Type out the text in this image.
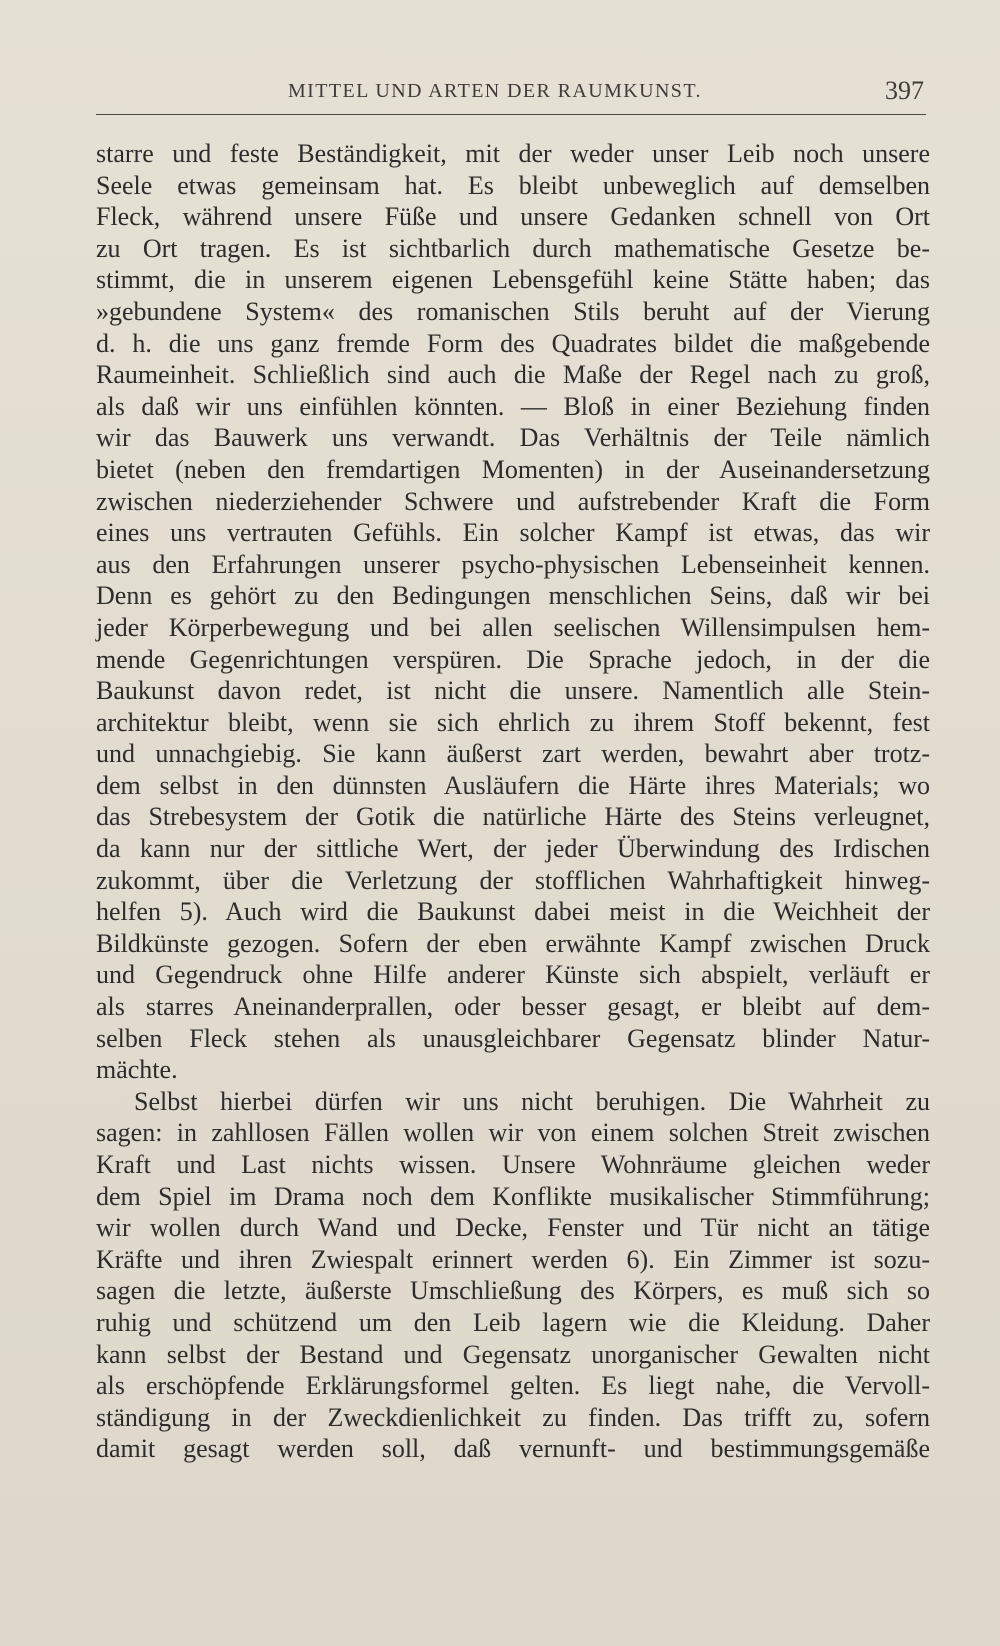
MITTEL UND ARTEN DER RAUMKUNST.	397
starre und feste Beständigkeit, mit der weder unser Leib noch unsere
Seele etwas gemeinsam hat. Es bleibt unbeweglich auf demselben
Fleck, während unsere Füße und unsere Gedanken schnell von Ort
zu Ort tragen. Es ist sichtbarlich durch mathematische Gesetze be-
stimmt, die in unserem eigenen Lebensgefühl keine Stätte haben; das
»gebundene System« des romanischen Stils beruht auf der Vierung
d. h. die uns ganz fremde Form des Quadrates bildet die maßgebende
Raumeinheit. Schließlich sind auch die Maße der Regel nach zu groß,
als daß wir uns einfühlen könnten. — Bloß in einer Beziehung finden
wir das Bauwerk uns verwandt. Das Verhältnis der Teile nämlich
bietet (neben den fremdartigen Momenten) in der Auseinandersetzung
zwischen niederziehender Schwere und aufstrebender Kraft die Form
eines uns vertrauten Gefühls. Ein solcher Kampf ist etwas, das wir
aus den Erfahrungen unserer psycho-physischen Lebenseinheit kennen.
Denn es gehört zu den Bedingungen menschlichen Seins, daß wir bei
jeder Körperbewegung und bei allen seelischen Willensimpulsen hem-
mende Gegenrichtungen verspüren. Die Sprache jedoch, in der die
Baukunst davon redet, ist nicht die unsere. Namentlich alle Stein-
architektur bleibt, wenn sie sich ehrlich zu ihrem Stoff bekennt, fest
und unnachgiebig. Sie kann äußerst zart werden, bewahrt aber trotz-
dem selbst in den dünnsten Ausläufern die Härte ihres Materials; wo
das Strebesystem der Gotik die natürliche Härte des Steins verleugnet,
da kann nur der sittliche Wert, der jeder Überwindung des Irdischen
zukommt, über die Verletzung der stofflichen Wahrhaftigkeit hinweg-
helfen 5). Auch wird die Baukunst dabei meist in die Weichheit der
Bildkünste gezogen. Sofern der eben erwähnte Kampf zwischen Druck
und Gegendruck ohne Hilfe anderer Künste sich abspielt, verläuft er
als starres Aneinanderprallen, oder besser gesagt, er bleibt auf dem-
selben Fleck stehen als unausgleichbarer Gegensatz blinder Natur-
mächte.
Selbst hierbei dürfen wir uns nicht beruhigen. Die Wahrheit zu
sagen: in zahllosen Fällen wollen wir von einem solchen Streit zwischen
Kraft und Last nichts wissen. Unsere Wohnräume gleichen weder
dem Spiel im Drama noch dem Konflikte musikalischer Stimmführung;
wir wollen durch Wand und Decke, Fenster und Tür nicht an tätige
Kräfte und ihren Zwiespalt erinnert werden 6). Ein Zimmer ist sozu-
sagen die letzte, äußerste Umschließung des Körpers, es muß sich so
ruhig und schützend um den Leib lagern wie die Kleidung. Daher
kann selbst der Bestand und Gegensatz unorganischer Gewalten nicht
als erschöpfende Erklärungsformel gelten. Es liegt nahe, die Vervoll-
ständigung in der Zweckdienlichkeit zu finden. Das trifft zu, sofern
damit gesagt werden soll, daß vernunft- und bestimmungsgemäße
